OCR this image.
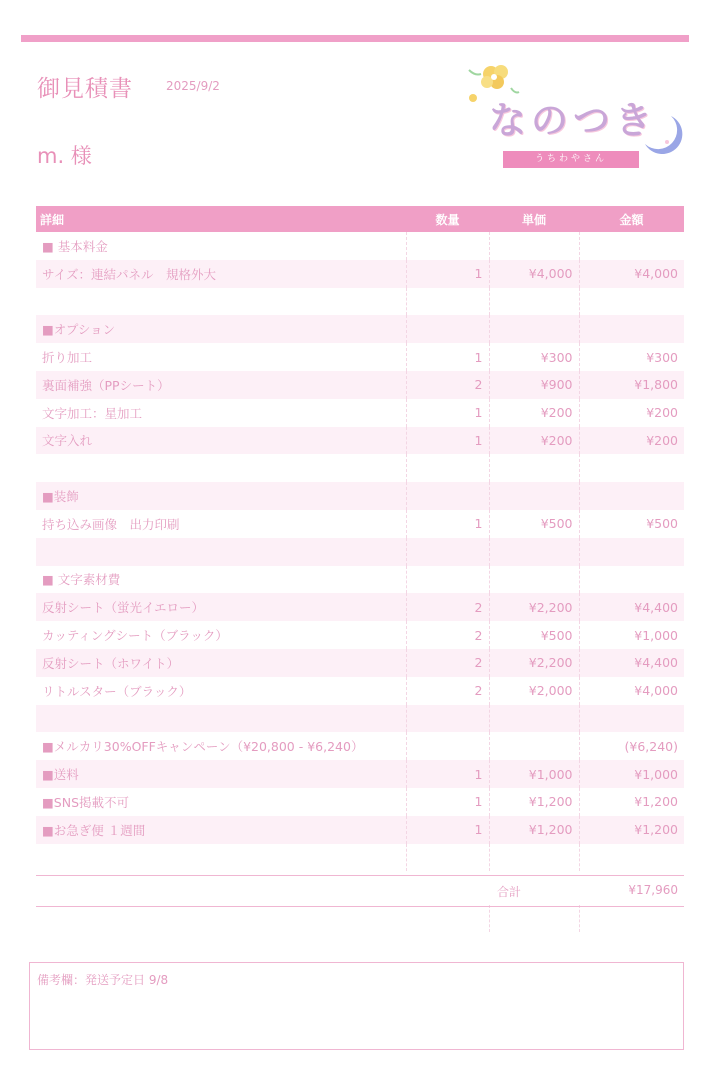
御見積書	2025/9/2
m. 様
なのつき
うちわやさん
詳細	数量	単価	金額
■ 基本料金			
サイズ：連結パネル　規格外大	1	¥4,000	¥4,000

■オプション			
折り加工	1	¥300	¥300
裏面補強（PPシート）	2	¥900	¥1,800
文字加工：星加工	1	¥200	¥200
文字入れ	1	¥200	¥200

■装飾			
持ち込み画像　出力印刷	1	¥500	¥500

■ 文字素材費			
反射シート（蛍光イエロー）	2	¥2,200	¥4,400
カッティングシート（ブラック）	2	¥500	¥1,000
反射シート（ホワイト）	2	¥2,200	¥4,400
リトルスター（ブラック）	2	¥2,000	¥4,000

■メルカリ30%OFFキャンペーン（¥20,800 - ¥6,240）			(¥6,240)
■送料	1	¥1,000	¥1,000
■SNS掲載不可	1	¥1,200	¥1,200
■お急ぎ便 １週間	1	¥1,200	¥1,200

合計	¥17,960
備考欄：発送予定日 9/8
